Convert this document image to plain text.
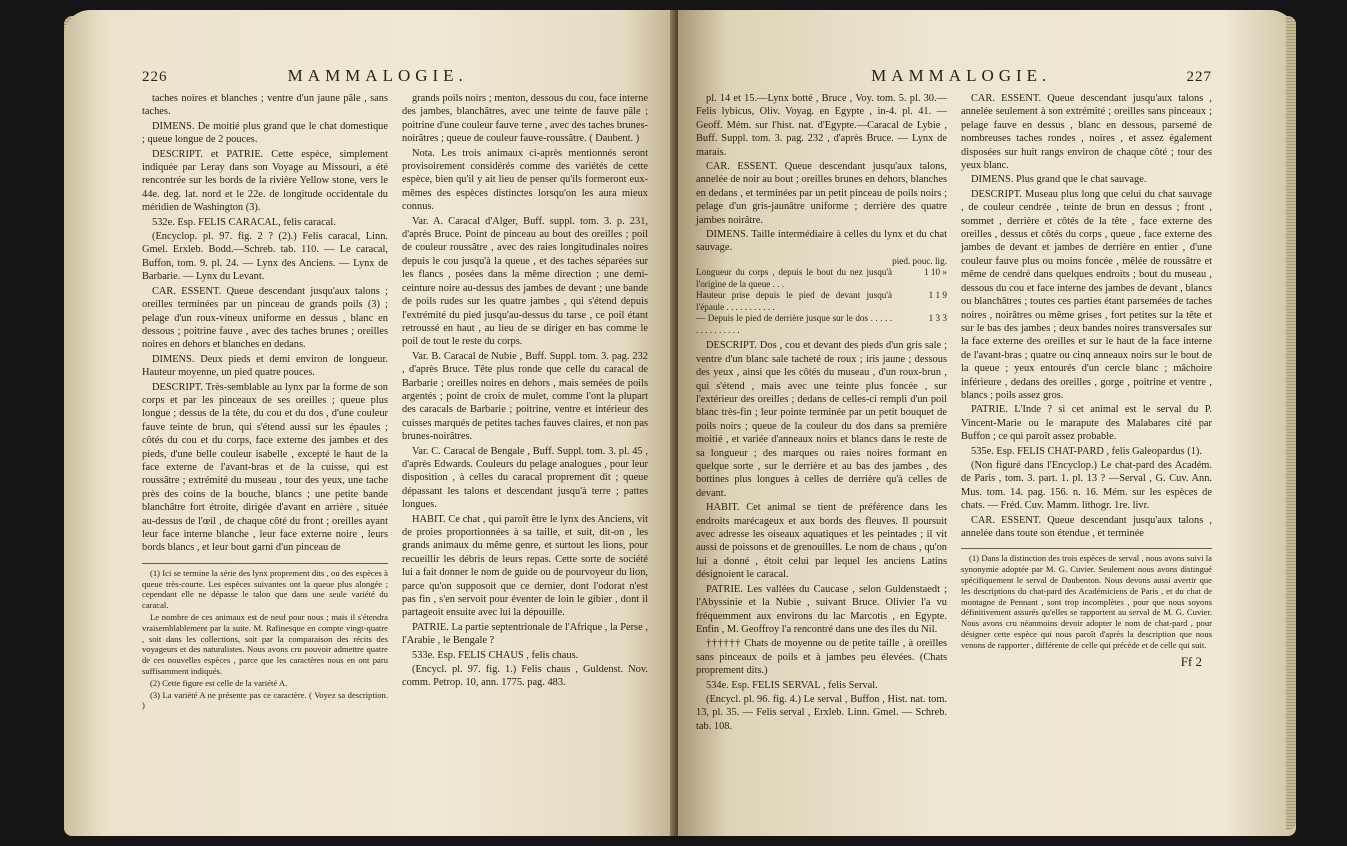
226	MAMMALOGIE.

taches noires et blanches ; ventre d'un jaune pâle , sans taches.

DIMENS. De moitié plus grand que le chat domestique ; queue longue de 2 pouces.

DESCRIPT. et PATRIE. Cette espèce, simplement indiquée par Leray dans son Voyage au Missouri, a été rencontrée sur les bords de la rivière Yellow stone, vers le 44e. deg. lat. nord et le 22e. de longitude occidentale du méridien de Washington (3).

532e. Esp. FELIS CARACAL, felis caracal.

(Encyclop. pl. 97. fig. 2 ? (2).) Felis caracal, Linn. Gmel. Erxleb. Bodd.—Schreb. tab. 110. — Le caracal, Buffon, tom. 9. pl. 24. — Lynx des Anciens. — Lynx de Barbarie. — Lynx du Levant.

CAR. ESSENT. Queue descendant jusqu'aux talons ; oreilles terminées par un pinceau de grands poils (3) ; pelage d'un roux-vineux uniforme en dessus , blanc en dessous ; poitrine fauve , avec des taches brunes ; oreilles noires en dehors et blanches en dedans.

DIMENS. Deux pieds et demi environ de longueur. Hauteur moyenne, un pied quatre pouces.

DESCRIPT. Très-semblable au lynx par la forme de son corps et par les pinceaux de ses oreilles ; queue plus longue ; dessus de la tête, du cou et du dos , d'une couleur fauve teinte de brun, qui s'étend aussi sur les épaules ; côtés du cou et du corps, face externe des jambes et des pieds, d'une belle couleur isabelle , excepté le haut de la face externe de l'avant-bras et de la cuisse, qui est roussâtre ; extrémité du museau , tour des yeux, une tache près des coins de la bouche, blancs ; une petite bande blanchâtre fort étroite, dirigée d'avant en arrière , située au-dessus de l'œil , de chaque côté du front ; oreilles ayant leur face interne blanche , leur face externe noire , leurs bords blancs , et leur bout garni d'un pinceau de

(1) Ici se termine la série des lynx proprement dits , ou des espèces à queue très-courte. Les espèces suivantes ont la queue plus alongée ; cependant elle ne dépasse le talon que dans une seule variété du caracal.

Le nombre de ces animaux est de neuf pour nous ; mais il s'étendra vraisemblablement par la suite. M. Rafinesque en compte vingt-quatre , soit dans les collections, soit par la comparaison des récits des voyageurs et des naturalistes. Nous avons cru pouvoir admettre quatre de ces nouvelles espèces , parce que les caractères nous en ont paru suffisamment indiqués.

(2) Cette figure est celle de la variété A.

(3) La variété A ne présente pas ce caractère. ( Voyez sa description. )

grands poils noirs ; menton, dessous du cou, face interne des jambes, blanchâtres, avec une teinte de fauve pâle ; poitrine d'une couleur fauve terne , avec des taches brunes-noirâtres ; queue de couleur fauve-roussâtre. ( Daubent. )

Nota. Les trois animaux ci-après mentionnés seront provisoirement considérés comme des variétés de cette espèce, bien qu'il y ait lieu de penser qu'ils formeront eux-mêmes des espèces distinctes lorsqu'on les aura mieux connus.

Var. A. Caracal d'Alger, Buff. suppl. tom. 3. p. 231, d'après Bruce. Point de pinceau au bout des oreilles ; poil de couleur roussâtre , avec des raies longitudinales noires depuis le cou jusqu'à la queue , et des taches séparées sur les flancs , posées dans la même direction ; une demi-ceinture noire au-dessus des jambes de devant ; une bande de poils rudes sur les quatre jambes , qui s'étend depuis l'extrémité du pied jusqu'au-dessus du tarse , ce poil étant retroussé en haut , au lieu de se diriger en bas comme le poil de tout le reste du corps.

Var. B. Caracal de Nubie , Buff. Suppl. tom. 3. pag. 232 , d'après Bruce. Tête plus ronde que celle du caracal de Barbarie ; oreilles noires en dehors , mais semées de poils argentés ; point de croix de mulet, comme l'ont la plupart des caracals de Barbarie ; poitrine, ventre et intérieur des cuisses marqués de petites taches fauves claires, et non pas brunes-noirâtres.

Var. C. Caracal de Bengale , Buff. Suppl. tom. 3. pl. 45 , d'après Edwards. Couleurs du pelage analogues , pour leur disposition , à celles du caracal proprement dit ; queue dépassant les talons et descendant jusqu'à terre ; pattes longues.

HABIT. Ce chat , qui paroît être le lynx des Anciens, vit de proies proportionnées à sa taille, et suit, dit-on , les grands animaux du même genre, et surtout les lions, pour recueillir les débris de leurs repas. Cette sorte de société lui a fait donner le nom de guide ou de pourvoyeur du lion, parce qu'on supposoit que ce dernier, dont l'odorat n'est pas fin , s'en servoit pour éventer de loin le gibier , dont il partageoit ensuite avec lui la dépouille.

PATRIE. La partie septentrionale de l'Afrique , la Perse , l'Arabie , le Bengale ?

533e. Esp. FELIS CHAUS , felis chaus.

(Encycl. pl. 97. fig. 1.) Felis chaus , Guldenst. Nov. comm. Petrop. 10, ann. 1775. pag. 483.

MAMMALOGIE.	227

pl. 14 et 15.—Lynx botté , Bruce , Voy. tom. 5. pl. 30.—Felis lybicus, Oliv. Voyag. en Egypte , in-4. pl. 41. — Geoff. Mém. sur l'hist. nat. d'Egypte.—Caracal de Lybie , Buff. Suppl. tom. 3. pag. 232 , d'après Bruce. — Lynx de marais.

CAR. ESSENT. Queue descendant jusqu'aux talons, annelée de noir au bout ; oreilles brunes en dehors, blanches en dedans , et terminées par un petit pinceau de poils noirs ; pelage d'un gris-jaunâtre uniforme ; derrière des quatre jambes noirâtre.

DIMENS. Taille intermédiaire à celles du lynx et du chat sauvage.

	pied. pouc. lig.
Longueur du corps , depuis le bout du nez jusqu'à l'origine de la queue . . .	1 10 »
Hauteur prise depuis le pied de devant jusqu'à l'épaule . . . . . . . . . . .	1 1 9
— Depuis le pied de derrière jusque sur le dos . . . . . . . . . . . . . . .	1 3 3

DESCRIPT. Dos , cou et devant des pieds d'un gris sale ; ventre d'un blanc sale tacheté de roux ; iris jaune ; dessous des yeux , ainsi que les côtés du museau , d'un roux-brun , qui s'étend , mais avec une teinte plus foncée , sur l'extérieur des oreilles ; dedans de celles-ci rempli d'un poil blanc très-fin ; leur pointe terminée par un petit bouquet de poils noirs ; queue de la couleur du dos dans sa première moitié , et variée d'anneaux noirs et blancs dans le reste de sa longueur ; des marques ou raies noires formant en quelque sorte , sur le derrière et au bas des jambes , des bottines plus longues à celles de derrière qu'à celles de devant.

HABIT. Cet animal se tient de préférence dans les endroits marécageux et aux bords des fleuves. Il poursuit avec adresse les oiseaux aquatiques et les peintades ; il vit aussi de poissons et de grenouilles. Le nom de chaus , qu'on lui a donné , étoit celui par lequel les anciens Latins désignoient le caracal.

PATRIE. Les vallées du Caucase , selon Guldenstaedt ; l'Abyssinie et la Nubie , suivant Bruce. Olivier l'a vu fréquemment aux environs du lac Marcotis , en Egypte. Enfin , M. Geoffroy l'a rencontré dans une des îles du Nil.

†††††† Chats de moyenne ou de petite taille , à oreilles sans pinceaux de poils et à jambes peu élevées. (Chats proprement dits.)

534e. Esp. FELIS SERVAL , felis Serval.

(Encycl. pl. 96. fig. 4.) Le serval , Buffon , Hist. nat. tom. 13, pl. 35. — Felis serval , Erxleb. Linn. Gmel. — Schreb. tab. 108.

CAR. ESSENT. Queue descendant jusqu'aux talons , annelée seulement à son extrémité ; oreilles sans pinceaux ; pelage fauve en dessus , blanc en dessous, parsemé de nombreuses taches rondes , noires , et assez également disposées sur huit rangs environ de chaque côté ; tour des yeux blanc.

DIMENS. Plus grand que le chat sauvage.

DESCRIPT. Museau plus long que celui du chat sauvage , de couleur cendrée , teinte de brun en dessus ; front , sommet , derrière et côtés de la tête , face externe des oreilles , dessus et côtés du corps , queue , face externe des jambes de devant et jambes de derrière en entier , d'une couleur fauve plus ou moins foncée , mêlée de roussâtre et même de cendré dans quelques endroits ; bout du museau , dessous du cou et face interne des jambes de devant , blancs ou blanchâtres ; toutes ces parties étant parsemées de taches noires , noirâtres ou même grises , fort petites sur la tête et sur le bas des jambes ; deux bandes noires transversales sur la face externe des oreilles et sur le haut de la face interne de l'avant-bras ; quatre ou cinq anneaux noirs sur le bout de la queue ; yeux entourés d'un cercle blanc ; mâchoire inférieure , dedans des oreilles , gorge , poitrine et ventre , blancs ; poils assez gros.

PATRIE. L'Inde ? si cet animal est le serval du P. Vincent-Marie ou le marapute des Malabares cité par Buffon ; ce qui paroît assez probable.

535e. Esp. FELIS CHAT-PARD , felis Galeopardus (1).

(Non figuré dans l'Encyclop.) Le chat-pard des Académ. de Paris , tom. 3. part. 1. pl. 13 ? —Serval , G. Cuv. Ann. Mus. tom. 14. pag. 156. n. 16. Mém. sur les espèces de chats. — Fréd. Cuv. Mamm. lithogr. 1re. livr.

CAR. ESSENT. Queue descendant jusqu'aux talons , annelée dans toute son étendue , et terminée

(1) Dans la distinction des trois espèces de serval , nous avons suivi la synonymie adoptée par M. G. Cuvier. Seulement nous avons distingué spécifiquement le serval de Daubenton. Nous devons aussi avertir que les descriptions du chat-pard des Académiciens de Paris , et du chat de montagne de Pennant , sont trop incomplètes , pour que nous soyons définitivement assurés qu'elles se rapportent au serval de M. G. Cuvier. Nous avons cru néanmoins devoir adopter le nom de chat-pard , pour désigner cette espèce qui nous paroît d'après la description que nous venons de rapporter , différente de celle qui précède et de celle qui suit.

Ff 2
